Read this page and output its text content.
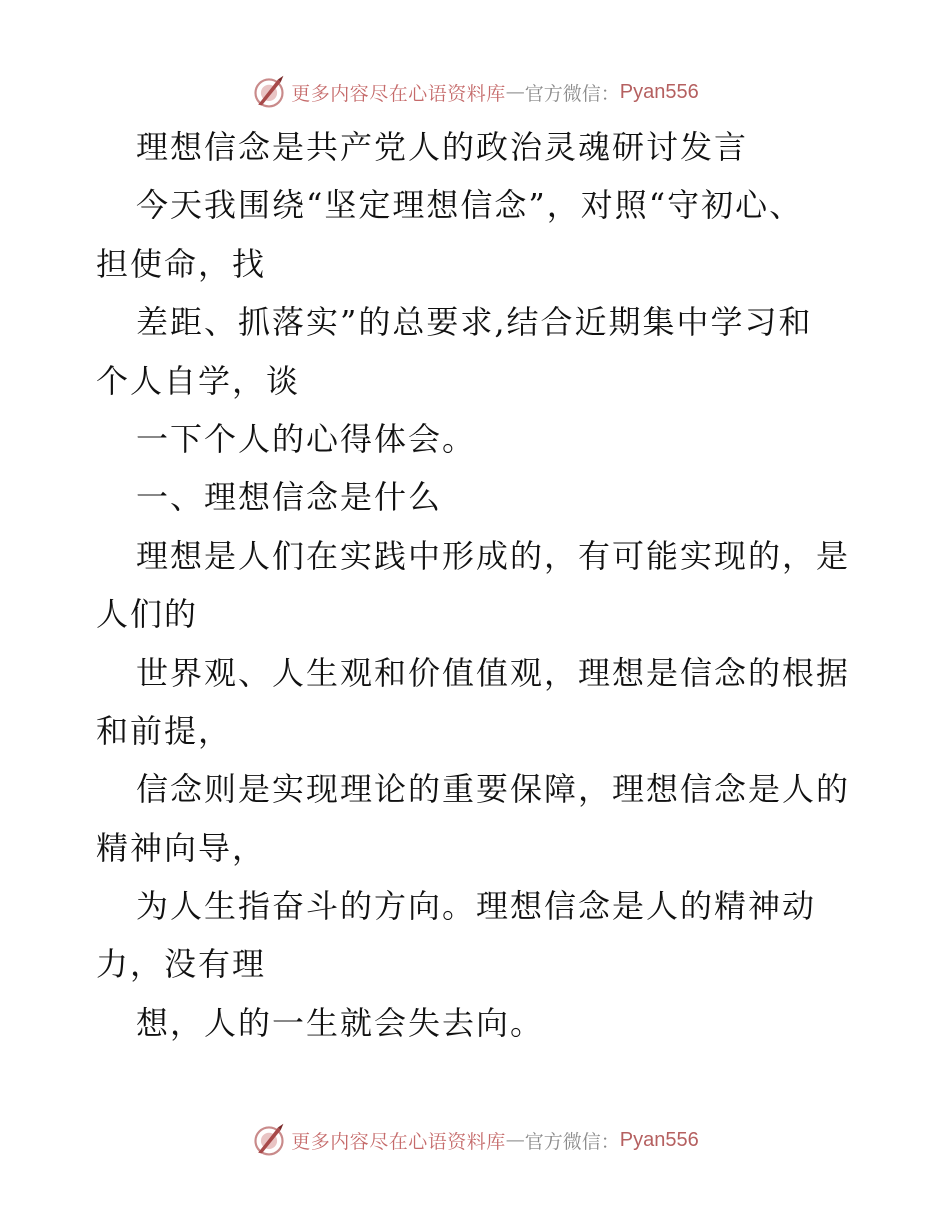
更多内容尽在心语资料库 — 官方微信： Pyan556
理想信念是共产党人的政治灵魂研讨发言
今天我围绕“坚定理想信念”，对照“守初心、
担使命，找
差距、抓落实”的总要求,结合近期集中学习和
个人自学，谈
一下个人的心得体会。
一、理想信念是什么
理想是人们在实践中形成的，有可能实现的，是
人们的
世界观、人生观和价值值观，理想是信念的根据
和前提，
信念则是实现理论的重要保障，理想信念是人的
精神向导，
为人生指奋斗的方向。理想信念是人的精神动
力，没有理
想，人的一生就会失去向。
更多内容尽在心语资料库 — 官方微信： Pyan556
